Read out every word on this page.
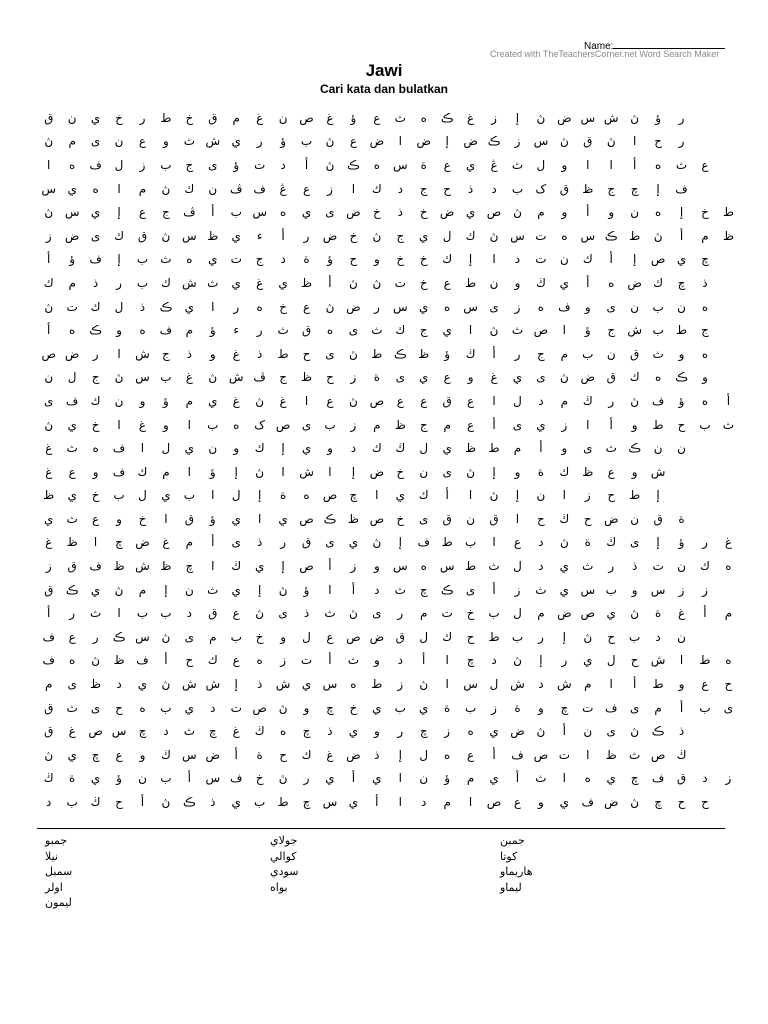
Name:
Created with TheTeachersCorner.net Word Search Maker
Jawi
Cari kata dan bulatkan
ق	ن	ي	خ	ر	ط	خ	ق	م	غ	ن ص	غ	ؤ	ع	ث	ه	ڪ	غ	ز	إ	ڽ ض س ش ڽ	ؤ	ر
ڽ	م	ى	ن	ع	و	ث ش ي	ر	ؤ	ب	ڽ	ع	ض	ا	ض	إ	ض ڪ	ز	س ڽ	ق	ڽ	ا	ح	ر
ا	ه	ف	ل	ز	ب	ج	ى	ؤ	ت	د	أ	ڽ	ڪ	ه	س	ة	ع	ي	ڠ	ث	ل	و	ا	ا	أ	ه	ث	ع
س ي	ه	ا	م	ڽ	ك	ن	ڤ ف	ڠ	ع	ز	ا	ك	د	ج	ح	ذ	د	ب	ک	ق	ظ	ج	چ	إ	ف
ڽ س ي	إ	ع	ج	ڤ	أ	ب س	ه	ي	ى ض	خ	ذ	خ	ض ي ص ڽ	م	و	أ	و	ن	ه	إ	خ	ط
ز	ض ى	ك	ق	ڽ س ظ	ي	ء	أ	ر	ض	خ	ڽ	ج	ي	ل	ك	ڽ س ت	ه	س ڪ ط	ڽ	أ	م	ظ
أ	ؤ	ف	إ	ب	ث	ه	ي	ت	ج	د	ة	ؤ	ح	و	خ	خ	ك	إ	ا	د	ت	ن	ك	أ	إ	ص ي	چ
ك	م	ذ	ر	ب	ك ش ث	ي	غ	ي	ظ	أ	ڽ	ڽ	ت	خ	ع	ط	ن	و	ڬ	ي	أ	ه	ض ك	چ	ذ
ڽ	ت	ك	ل	ذ	ڪ	ي	ا	ر	ه	خ	ع	ڽ ض	ر	س ي	ه	س ى	ز	ه	ف	و	ى	ن	ب	ن	ه
أ	ه	ڪ	و	ه	ف	م	ؤ	ء	ر	ث	ق	ه	ى	ث	ك	ج	ي	ا	ڽ	ث ص	ا	ؤ	ج	ش ب	ط	ج
ص ض	ر	ا	ش	ج	ذ	و	غ	ذ	ط	ح	ى	ڽ	ط ڪ ظ	ؤ	ڬ	أ	ر	ج	م	ب	ن	ق	ث	و	ه
ن	ل	ج	ڽ س ب	غ	ڽ ش ڤ	ج	ظ	ح	ز	ة	ى	ي	ع	و	غ	ي	ى	ڽ ض ق	ك	ه	ڪ	و
ى	ف	ك	ن	و	ؤ	م	ي	غ	ڽ	غ	ا	ع	ڽ ص	ع	ع	ق	ع	ا	ل	د	م	ڬ	ر	ڽ	ف	ؤ	ه	أ
ڽ	ي	خ	ا	غ	و	ا	ب	ه	ک ص ى	ب	ز	م	ظ	ج	م	ع	أ	ى	ي	ز	ا	أ	و	ط	ح	ب	ث
غ	ث	ه	ف	ا	ل	ي	ن	و	ك	إ	ي	و	د	ك	ڬ	ل	ي	ظ	ط	م	أ	و	ى	ث ڪ	ن	ن
غ	ع	و	ف	ك	م	ا	ؤ	إ	ڽ	ا	ش	ا	إ	ض	خ	ن	ى	ڽ	إ	و	ة	ك	ظ	ع	و	ش
ظ	ي	خ	ب	ل	ي	ب	ا	ل	إ	ة	ه	ص	چ	ا	ي	ك	أ	ا	ڽ	إ	ن	ا	ز	ح	ط	إ
ي	ث	ع	و	خ	ا	ق	ؤ	ي	ا	ي ص ڪ ظ ص	خ	ى	ق	ن	ق	ا	ح	ڬ	ح	ض ن	ق	ة
غ	ظ	ا	چ	ض	غ	م	أ	ى	ذ	ر	ق	ى	ي	ڽ	إ	ف ط	ب	ا	ع	د	ڽ	ة	ڬ	ى	إ	ؤ	ر	غ
ز	ق	ف ظ ش ظ	چ	ا	ڬ	ي	إ	ص	أ	ز	و	س	ه	س ط	ث	ل	د	ي	ث	ر	ذ	ت	ن	ك	ه
ق	ڪ	ي	ڽ	م	إ	ن	ث	ي	إ	ڽ	ؤ	ا	أ	د	ث	چ	ڪ	ى	أ	ز	ث	ي س ب	و	س	ز	ز
أ	ر	ث	ا	ب	ب	د	ق	ع	ڽ	ى	ذ	ث	ڽ	ى	ر	م	ت	خ	ب	ل	م	ض ص ي	ڽ	ة	غ	أ	م
ف	ع	ر	ڪ س ڽ	ى	م	ب	خ	و	ل	ع	ص ض ق	ل	ك	ح	ط	ب	ر	إ	ڽ	ح	ب	د	ن
ف	ه	ڽ	ظ ف	أ	ح	ك	ع	ه	ز	ت	أ	ث	و	د	أ	ا	چ	د	ڽ	إ	ر	ي	ل	ح	ش	ا	ط	ه
م	ى	ظ	د	ي	ڽ ش ش	إ	ذ	ش ي س	ه	ط	ز	ڽ	ا	س ل ش	د	ش	م	ا	أ	ط	و	ع	ح
ق	ث	ى	ح	ه	ب	ي	د	ت ص ڽ	و	چ	خ	ي	ب	ي	ة	ب	ز	ة	و	چ	ت ف	ى	م	أ	ب	ى
ق	غ	ص س	چ	د	ث	چ	غ	ڬ	ه	چ	ذ	ي	و	ر	چ	ز	ه	ي ض ڽ	أ	ن	ى	ڽ	ڪ	ذ
ڽ	ي	چ	ع	و	ڬ س ض	أ	ة	ح	ك	غ	ض	ذ	إ	ل	ه	ع	أ	ف ص ت	ا	ظ	ث ص ڬ
ڬ	ة	ي	ؤ	ن	ب	أ	س ف	خ	ڽ	ر	ي	أ	ي	ا	ن	ؤ	م	ي	أ	ث	ا	ه	ي	چ	ف	ق	د	ز
د	ب	ڬ	ح	أ	ڽ	ڪ	ذ	ي	ب	ط	چ	س ي	أ	ا	د	م	ا	ص	ع	و	ي	ف ض ڽ	چ	ح	ح
جمبو
نيلا
سمبل
اولر
ليمون
جولاي
كوالي
سودي
بواه
جمبن
كوتا
هاريماو
ليماو
